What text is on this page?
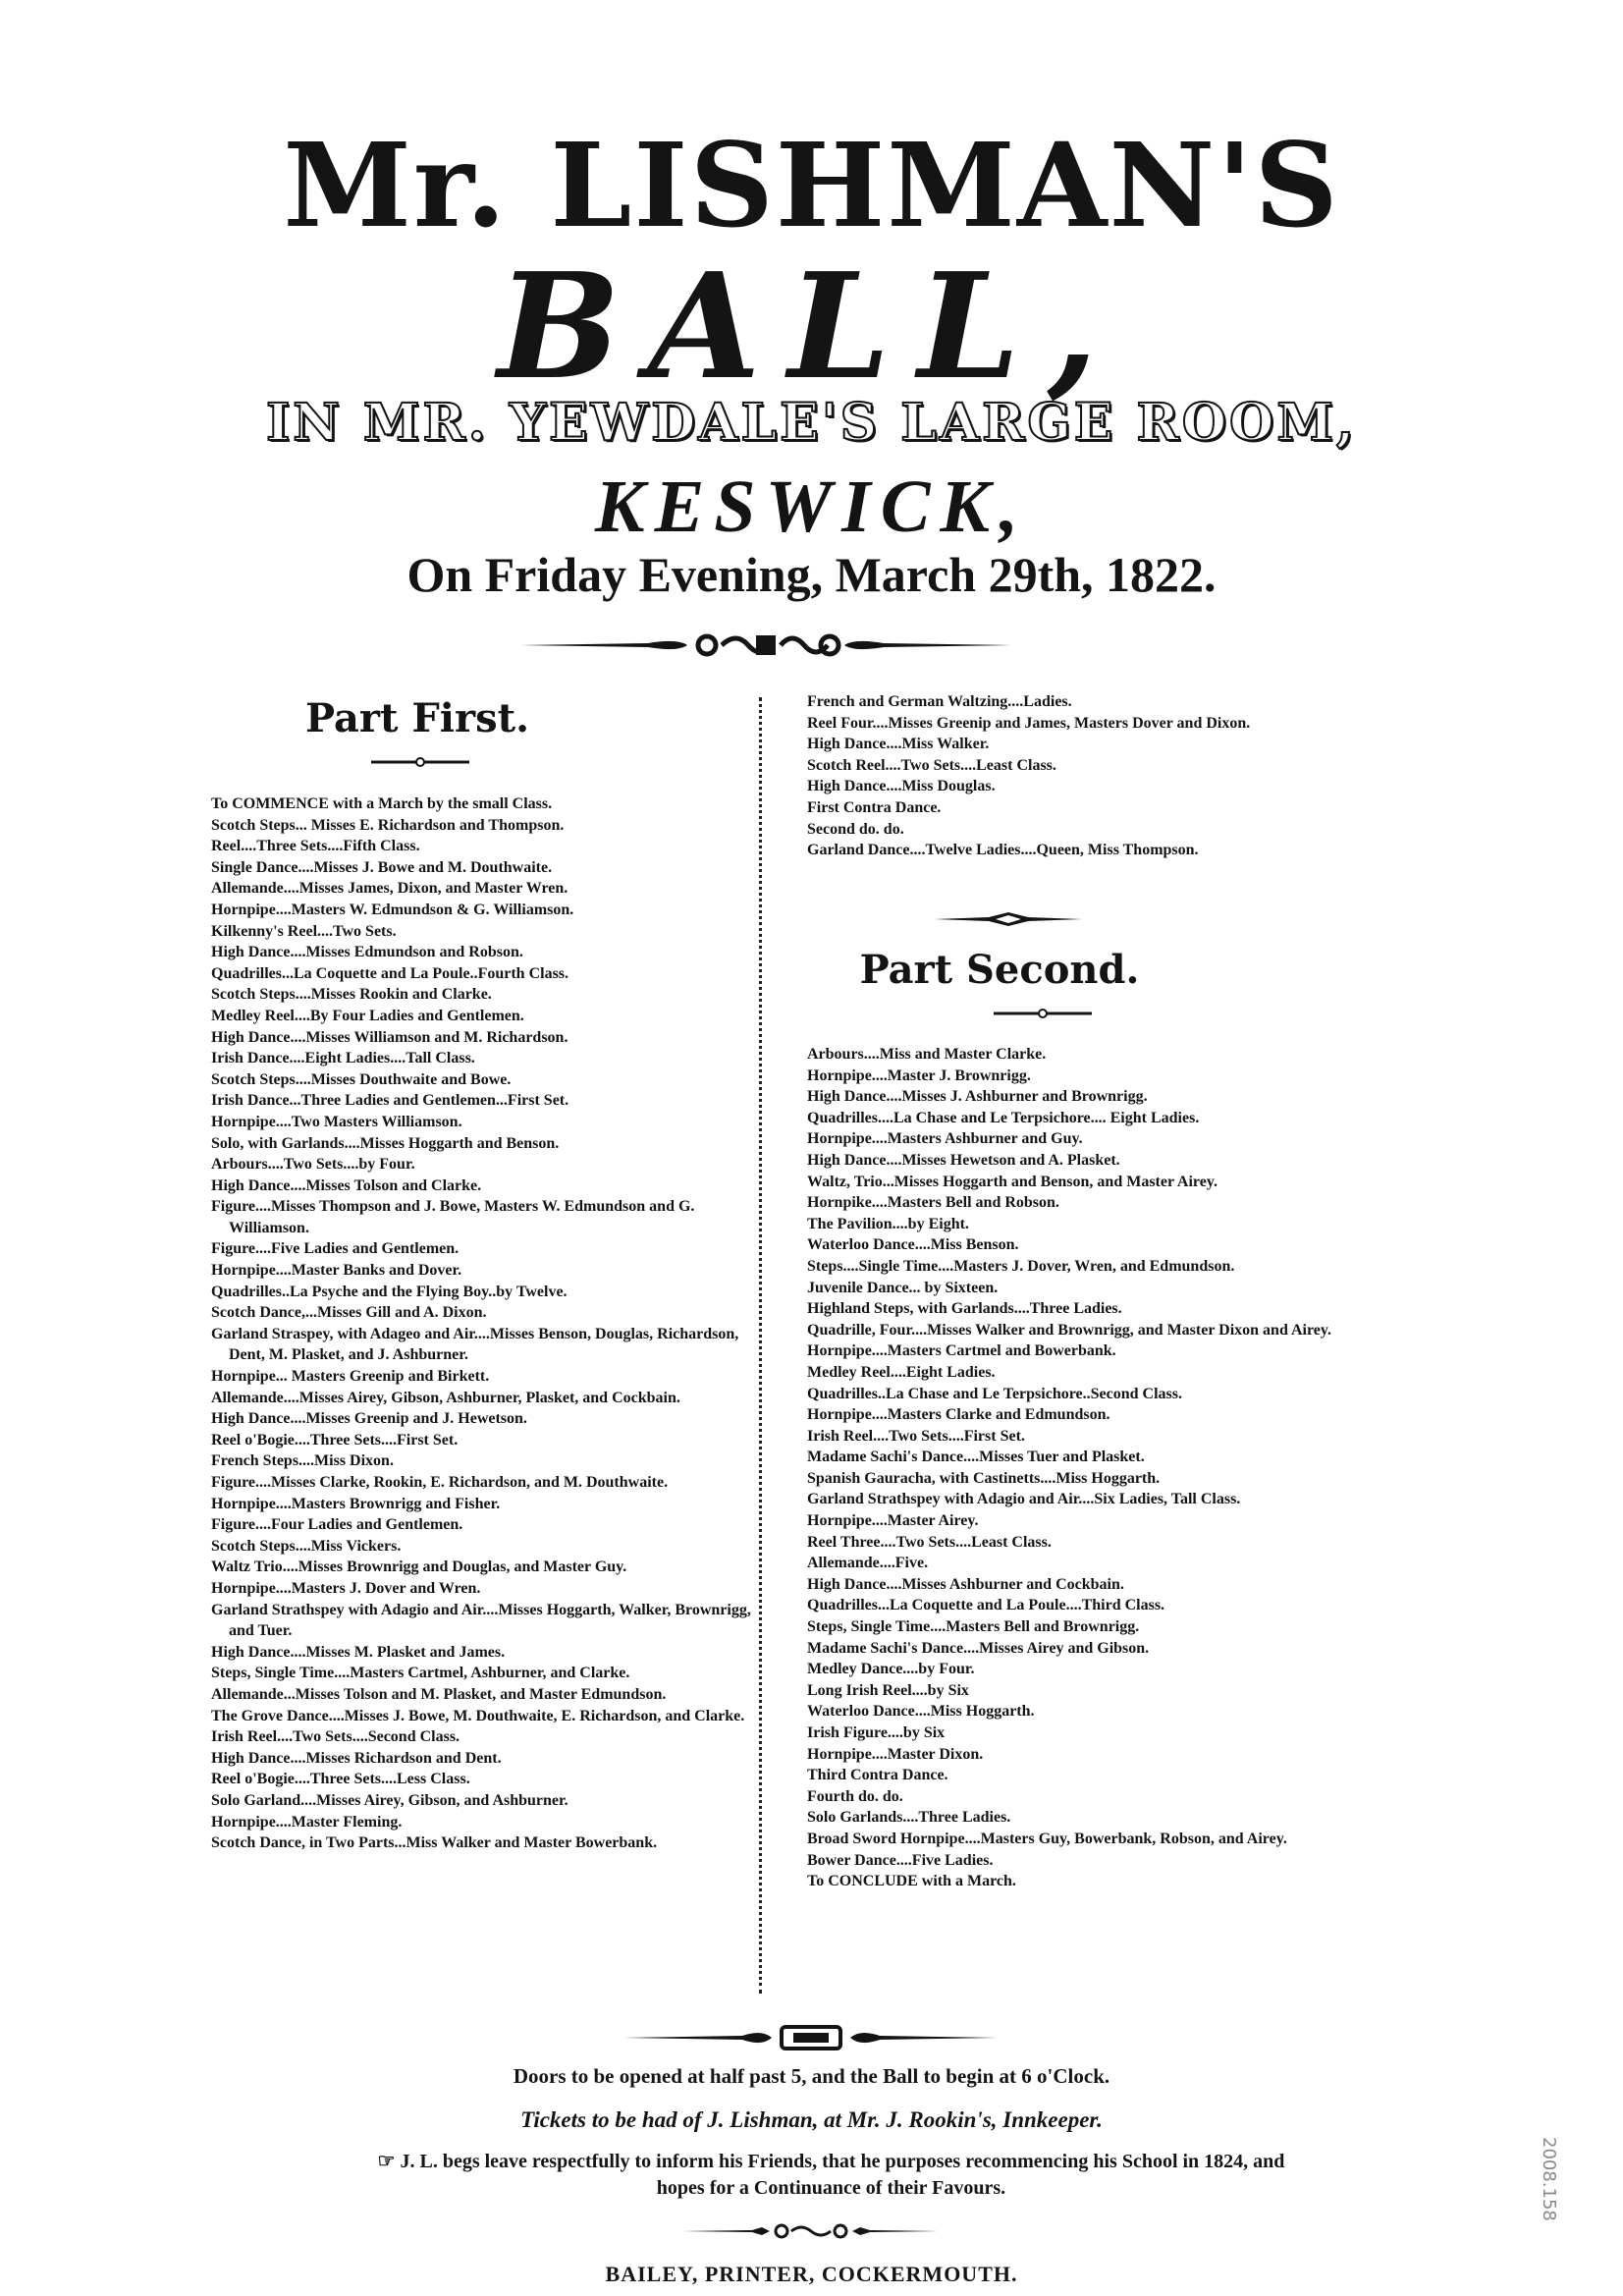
Mr. LISHMAN'S
BALL,
IN MR. YEWDALE'S LARGE ROOM,
KESWICK,
On Friday Evening, March 29th, 1822.
Part First.
To COMMENCE with a March by the small Class.
Scotch Steps... Misses E. Richardson and Thompson.
Reel....Three Sets....Fifth Class.
Single Dance....Misses J. Bowe and M. Douthwaite.
Allemande....Misses James, Dixon, and Master Wren.
Hornpipe....Masters W. Edmundson & G. Williamson.
Kilkenny's Reel....Two Sets.
High Dance....Misses Edmundson and Robson.
Quadrilles...La Coquette and La Poule..Fourth Class.
Scotch Steps....Misses Rookin and Clarke.
Medley Reel....By Four Ladies and Gentlemen.
High Dance....Misses Williamson and M. Richardson.
Irish Dance....Eight Ladies....Tall Class.
Scotch Steps....Misses Douthwaite and Bowe.
Irish Dance...Three Ladies and Gentlemen...First Set.
Hornpipe....Two Masters Williamson.
Solo, with Garlands....Misses Hoggarth and Benson.
Arbours....Two Sets....by Four.
High Dance....Misses Tolson and Clarke.
Figure....Misses Thompson and J. Bowe, Masters W. Edmundson and G. Williamson.
Figure....Five Ladies and Gentlemen.
Hornpipe....Master Banks and Dover.
Quadrilles..La Psyche and the Flying Boy..by Twelve.
Scotch Dance,...Misses Gill and A. Dixon.
Garland Straspey, with Adageo and Air....Misses Benson, Douglas, Richardson, Dent, M. Plasket, and J. Ashburner.
Hornpipe... Masters Greenip and Birkett.
Allemande....Misses Airey, Gibson, Ashburner, Plasket, and Cockbain.
High Dance....Misses Greenip and J. Hewetson.
Reel o'Bogie....Three Sets....First Set.
French Steps....Miss Dixon.
Figure....Misses Clarke, Rookin, E. Richardson, and M. Douthwaite.
Hornpipe....Masters Brownrigg and Fisher.
Figure....Four Ladies and Gentlemen.
Scotch Steps....Miss Vickers.
Waltz Trio....Misses Brownrigg and Douglas, and Master Guy.
Hornpipe....Masters J. Dover and Wren.
Garland Strathspey with Adagio and Air....Misses Hoggarth, Walker, Brownrigg, and Tuer.
High Dance....Misses M. Plasket and James.
Steps, Single Time....Masters Cartmel, Ashburner, and Clarke.
Allemande...Misses Tolson and M. Plasket, and Master Edmundson.
The Grove Dance....Misses J. Bowe, M. Douthwaite, E. Richardson, and Clarke.
Irish Reel....Two Sets....Second Class.
High Dance....Misses Richardson and Dent.
Reel o'Bogie....Three Sets....Less Class.
Solo Garland....Misses Airey, Gibson, and Ashburner.
Hornpipe....Master Fleming.
Scotch Dance, in Two Parts...Miss Walker and Master Bowerbank.
French and German Waltzing....Ladies.
Reel Four....Misses Greenip and James, Masters Dover and Dixon.
High Dance....Miss Walker.
Scotch Reel....Two Sets....Least Class.
High Dance....Miss Douglas.
First Contra Dance.
Second do. do.
Garland Dance....Twelve Ladies....Queen, Miss Thompson.
Part Second.
Arbours....Miss and Master Clarke.
Hornpipe....Master J. Brownrigg.
High Dance....Misses J. Ashburner and Brownrigg.
Quadrilles....La Chase and Le Terpsichore.... Eight Ladies.
Hornpipe....Masters Ashburner and Guy.
High Dance....Misses Hewetson and A. Plasket.
Waltz, Trio...Misses Hoggarth and Benson, and Master Airey.
Hornpike....Masters Bell and Robson.
The Pavilion....by Eight.
Waterloo Dance....Miss Benson.
Steps....Single Time....Masters J. Dover, Wren, and Edmundson.
Juvenile Dance... by Sixteen.
Highland Steps, with Garlands....Three Ladies.
Quadrille, Four....Misses Walker and Brownrigg, and Master Dixon and Airey.
Hornpipe....Masters Cartmel and Bowerbank.
Medley Reel....Eight Ladies.
Quadrilles..La Chase and Le Terpsichore..Second Class.
Hornpipe....Masters Clarke and Edmundson.
Irish Reel....Two Sets....First Set.
Madame Sachi's Dance....Misses Tuer and Plasket.
Spanish Gauracha, with Castinetts....Miss Hoggarth.
Garland Strathspey with Adagio and Air....Six Ladies, Tall Class.
Hornpipe....Master Airey.
Reel Three....Two Sets....Least Class.
Allemande....Five.
High Dance....Misses Ashburner and Cockbain.
Quadrilles...La Coquette and La Poule....Third Class.
Steps, Single Time....Masters Bell and Brownrigg.
Madame Sachi's Dance....Misses Airey and Gibson.
Medley Dance....by Four.
Long Irish Reel....by Six
Waterloo Dance....Miss Hoggarth.
Irish Figure....by Six
Hornpipe....Master Dixon.
Third Contra Dance.
Fourth do. do.
Solo Garlands....Three Ladies.
Broad Sword Hornpipe....Masters Guy, Bowerbank, Robson, and Airey.
Bower Dance....Five Ladies.
To CONCLUDE with a March.
Doors to be opened at half past 5, and the Ball to begin at 6 o'Clock.
Tickets to be had of J. Lishman, at Mr. J. Rookin's, Innkeeper.
☞ J. L. begs leave respectfully to inform his Friends, that he purposes recommencing his School in 1824, and hopes for a Continuance of their Favours.
BAILEY, PRINTER, COCKERMOUTH.
2008.158
